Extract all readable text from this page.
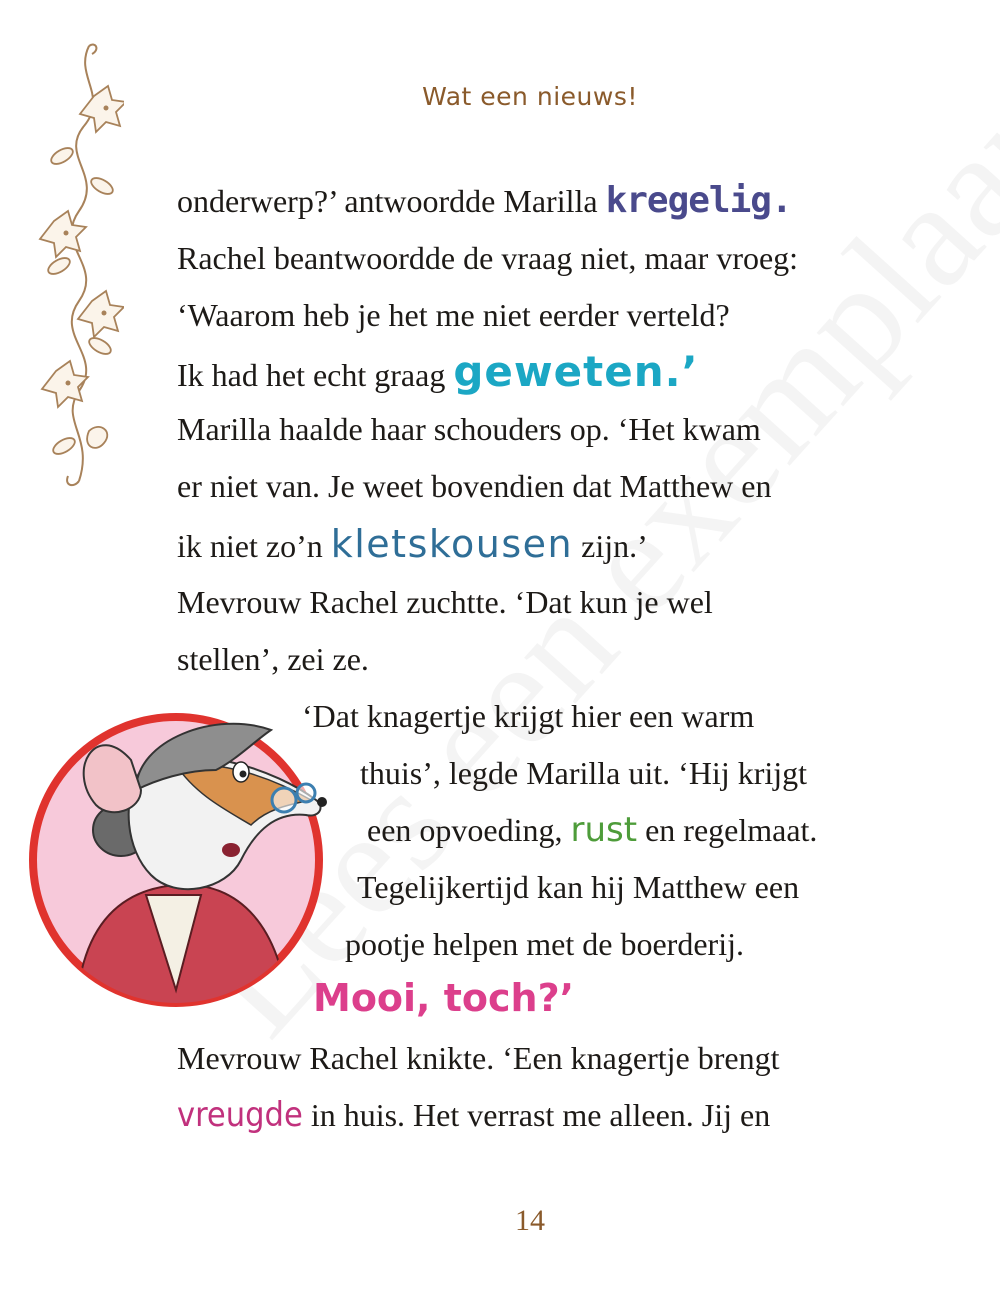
Wat een nieuws!
onderwerp?’ antwoordde Marilla kregelig.
Rachel beantwoordde de vraag niet, maar vroeg:
‘Waarom heb je het me niet eerder verteld?
Ik had het echt graag geweten.’
Marilla haalde haar schouders op. ‘Het kwam
er niet van. Je weet bovendien dat Matthew en
ik niet zo’n kletskousen zijn.’
Mevrouw Rachel zuchtte. ‘Dat kun je wel
stellen’, zei ze.
‘Dat knagertje krijgt hier een warm
thuis’, legde Marilla uit. ‘Hij krijgt
een opvoeding, rust en regelmaat.
Tegelijkertijd kan hij Matthew een
pootje helpen met de boerderij.
Mooi, toch?’
Mevrouw Rachel knikte. ‘Een knagertje brengt
vreugde in huis. Het verrast me alleen. Jij en
14
